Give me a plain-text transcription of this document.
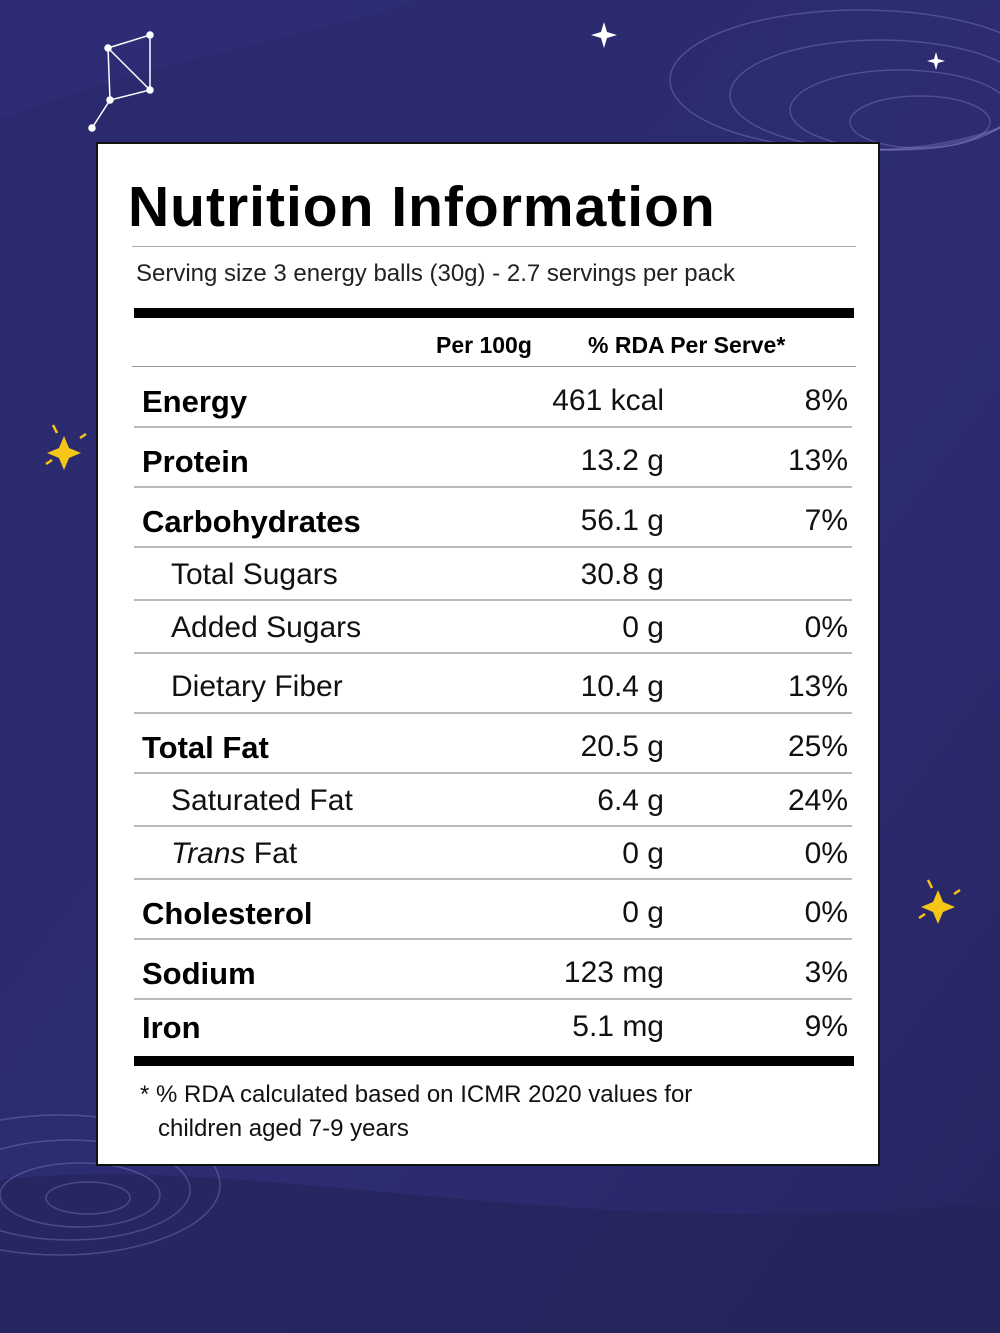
Nutrition Information
Serving size 3 energy balls (30g) - 2.7 servings per pack
Per 100g % RDA Per Serve*
Energy	461 kcal	8%
Protein	13.2 g	13%
Carbohydrates	56.1 g	7%
Total Sugars	30.8 g
Added Sugars	0 g	0%
Dietary Fiber	10.4 g	13%
Total Fat	20.5 g	25%
Saturated Fat	6.4 g	24%
Trans Fat	0 g	0%
Cholesterol	0 g	0%
Sodium	123 mg	3%
Iron	5.1 mg	9%
* % RDA calculated based on ICMR 2020 values for
children aged 7-9 years
